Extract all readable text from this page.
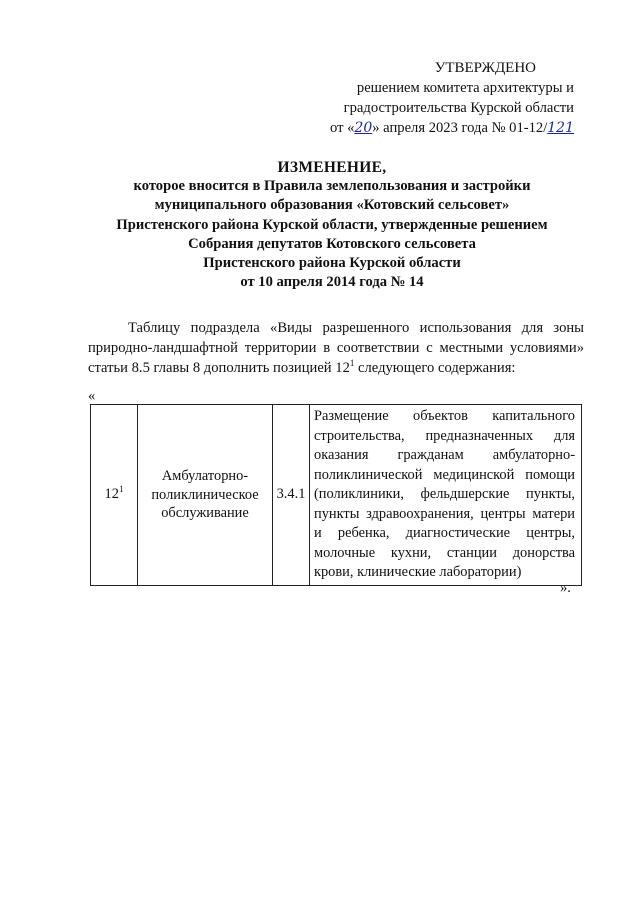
УТВЕРЖДЕНО
решением комитета архитектуры и
градостроительства Курской области
от «20» апреля 2023 года № 01-12/121
ИЗМЕНЕНИЕ,
которое вносится в Правила землепользования и застройки
муниципального образования «Котовский сельсовет»
Пристенского района Курской области, утвержденные решением
Собрания депутатов Котовского сельсовета
Пристенского района Курской области
от 10 апреля 2014 года № 14
Таблицу подраздела «Виды разрешенного использования для зоны природно-ландшафтной территории в соответствии с местными условиями» статьи 8.5 главы 8 дополнить позицией $12^1$ следующего содержания:
«
$12^1$	Амбулаторно-поликлиническое обслуживание	3.4.1	Размещение объектов капитального строительства, предназначенных для оказания гражданам амбулаторно-поликлинической медицинской помощи (поликлиники, фельдшерские пункты, пункты здравоохранения, центры матери и ребенка, диагностические центры, молочные кухни, станции донорства крови, клинические лаборатории)
».
